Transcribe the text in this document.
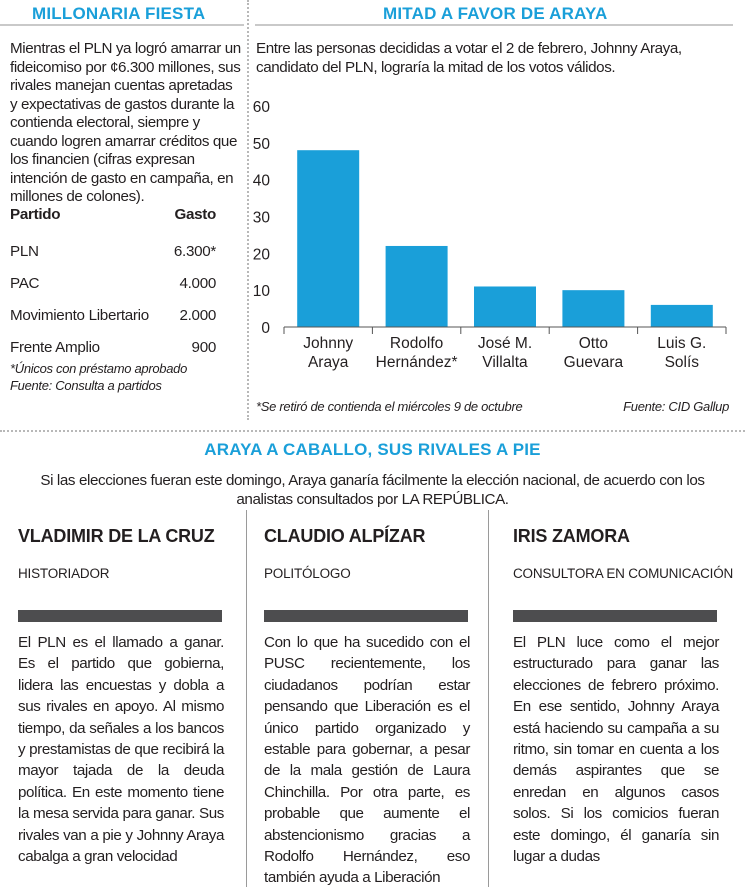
MILLONARIA FIESTA

Mientras el PLN ya logró amarrar un fideicomiso por ¢6.300 millones, sus rivales manejan cuentas apretadas y expectativas de gastos durante la contienda electoral, siempre y cuando logren amarrar créditos que los financien (cifras expresan intención de gasto en campaña, en millones de colones).

Partido	Gasto
PLN	6.300*
PAC	4.000
Movimiento Libertario 2.000
Frente Amplio	900
*Únicos con préstamo aprobado
Fuente: Consulta a partidos
MITAD A FAVOR DE ARAYA

Entre las personas decididas a votar el 2 de febrero, Johnny Araya, candidato del PLN, lograría la mitad de los votos válidos.

0
10
20
30
40
50
60
Johnny
Araya
Rodolfo
Hernández*
José M.
Villalta
Otto
Guevara
Luis G.
Solís
*Se retiró de contienda el miércoles 9 de octubre	Fuente: CID Gallup
ARAYA A CABALLO, SUS RIVALES A PIE

Si las elecciones fueran este domingo, Araya ganaría fácilmente la elección nacional, de acuerdo con los analistas consultados por LA REPÚBLICA.

VLADIMIR DE LA CRUZ
HISTORIADOR

El PLN es el llamado a ganar. Es el partido que gobierna, lidera las encuestas y dobla a sus rivales en apoyo. Al mismo tiempo, da señales a los bancos y prestamistas de que recibirá la mayor tajada de la deuda política. En este momento tiene la mesa servida para ganar. Sus rivales van a pie y Johnny Araya cabalga a gran velocidad

CLAUDIO ALPÍZAR
POLITÓLOGO

Con lo que ha sucedido con el PUSC recientemente, los ciudadanos podrían estar pensando que Liberación es el único partido organizado y estable para gobernar, a pesar de la mala gestión de Laura Chinchilla. Por otra parte, es probable que aumente el abstencionismo gracias a Rodolfo Hernández, eso también ayuda a Liberación

IRIS ZAMORA
CONSULTORA EN COMUNICACIÓN

El PLN luce como el mejor estructurado para ganar las elecciones de febrero próximo. En ese sentido, Johnny Araya está haciendo su campaña a su ritmo, sin tomar en cuenta a los demás aspirantes que se enredan en algunos casos solos. Si los comicios fueran este domingo, él ganaría sin lugar a dudas
